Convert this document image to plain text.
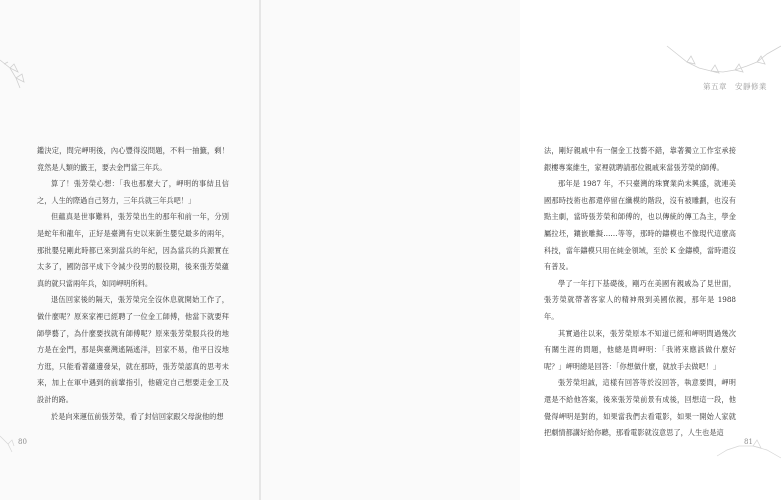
鑑決定，問完岬明後，內心豐得沒問題，不料一抽籤，剩！竟然是人類的籤王，要去金門當三年兵。

算了！張芳榮心想：「我也那麼大了，岬明的事結且信之，人生的際過自己努力，三年兵就三年兵吧！」

但蘊真是世事難料，張芳榮出生的那年和前一年，分別是蛇年和龍年，正好是臺灣有史以來新生嬰兒最多的兩年，那批嬰兒剛此時都已來到當兵的年紀，因為當兵的兵源實在太多了，國防部平成下令減少役男的服役期，後來張芳榮蘊真的就只當兩年兵，如同岬明所料。

退伍回家後的隔天，張芳榮完全沒休息就開始工作了，做什麼呢？原來家裡已經聘了一位金工師傅，他當下就要拜師學藝了，為什麼要找就有師傅呢？原來張芳榮服兵役的地方是在金門，那是與臺灣遙隔遙洋，回家不易，他平日沒地方逛，只能看著蘊邊發呆，就在那時，張芳榮認真的思考未來，加上在軍中遇到的前輩指引，他確定自己想要走金工及設計的路。

於是向來運伍前張芳榮，看了封信回家跟父母說他的想

80
第五章　安靜修業

法，剛好親戚中有一個金工技藝不錯，靠著獨立工作室承接銀樓專案維生，家裡就聘請那位親戚來當張芳榮的師傅。

那年是 1987 年，不只臺灣的珠寶業尚未興盛，就連美國那時技術也都還停留在纖模的階段，沒有被雕劃，也沒有點主劇，當時張芳榮和師傅的，也以傳統的傳工為主，學金屬拉坯，鑲嵌雕擬……等等，那時的鑄模也不像現代這麼高科技，當年鑄模只用在純金領域，至於 K 金鑄模，當時還沒有普及。

學了一年打下基礎後，剛巧在美國有親戚為了見世面，張芳榮就帶著客家人的精神飛到美國依親，那年是 1988 年。

其實過往以來，張芳榮原本不知道已經和岬明問過幾次有關生涯的問題，他總是問岬明：「我將來應該做什麼好呢？」岬明總是回答：「你想做什麼，就放手去做吧！」

張芳榮坦誠，這樣有回答等於沒回答，執意要問，岬明還是不給他答案，後來張芳榮前景有成後，回想這一段，他覺得岬明是對的，如果當我們去看電影，如果一開始人家就把劇情都講好給你聽，那看電影就沒意思了，人生也是這

81
